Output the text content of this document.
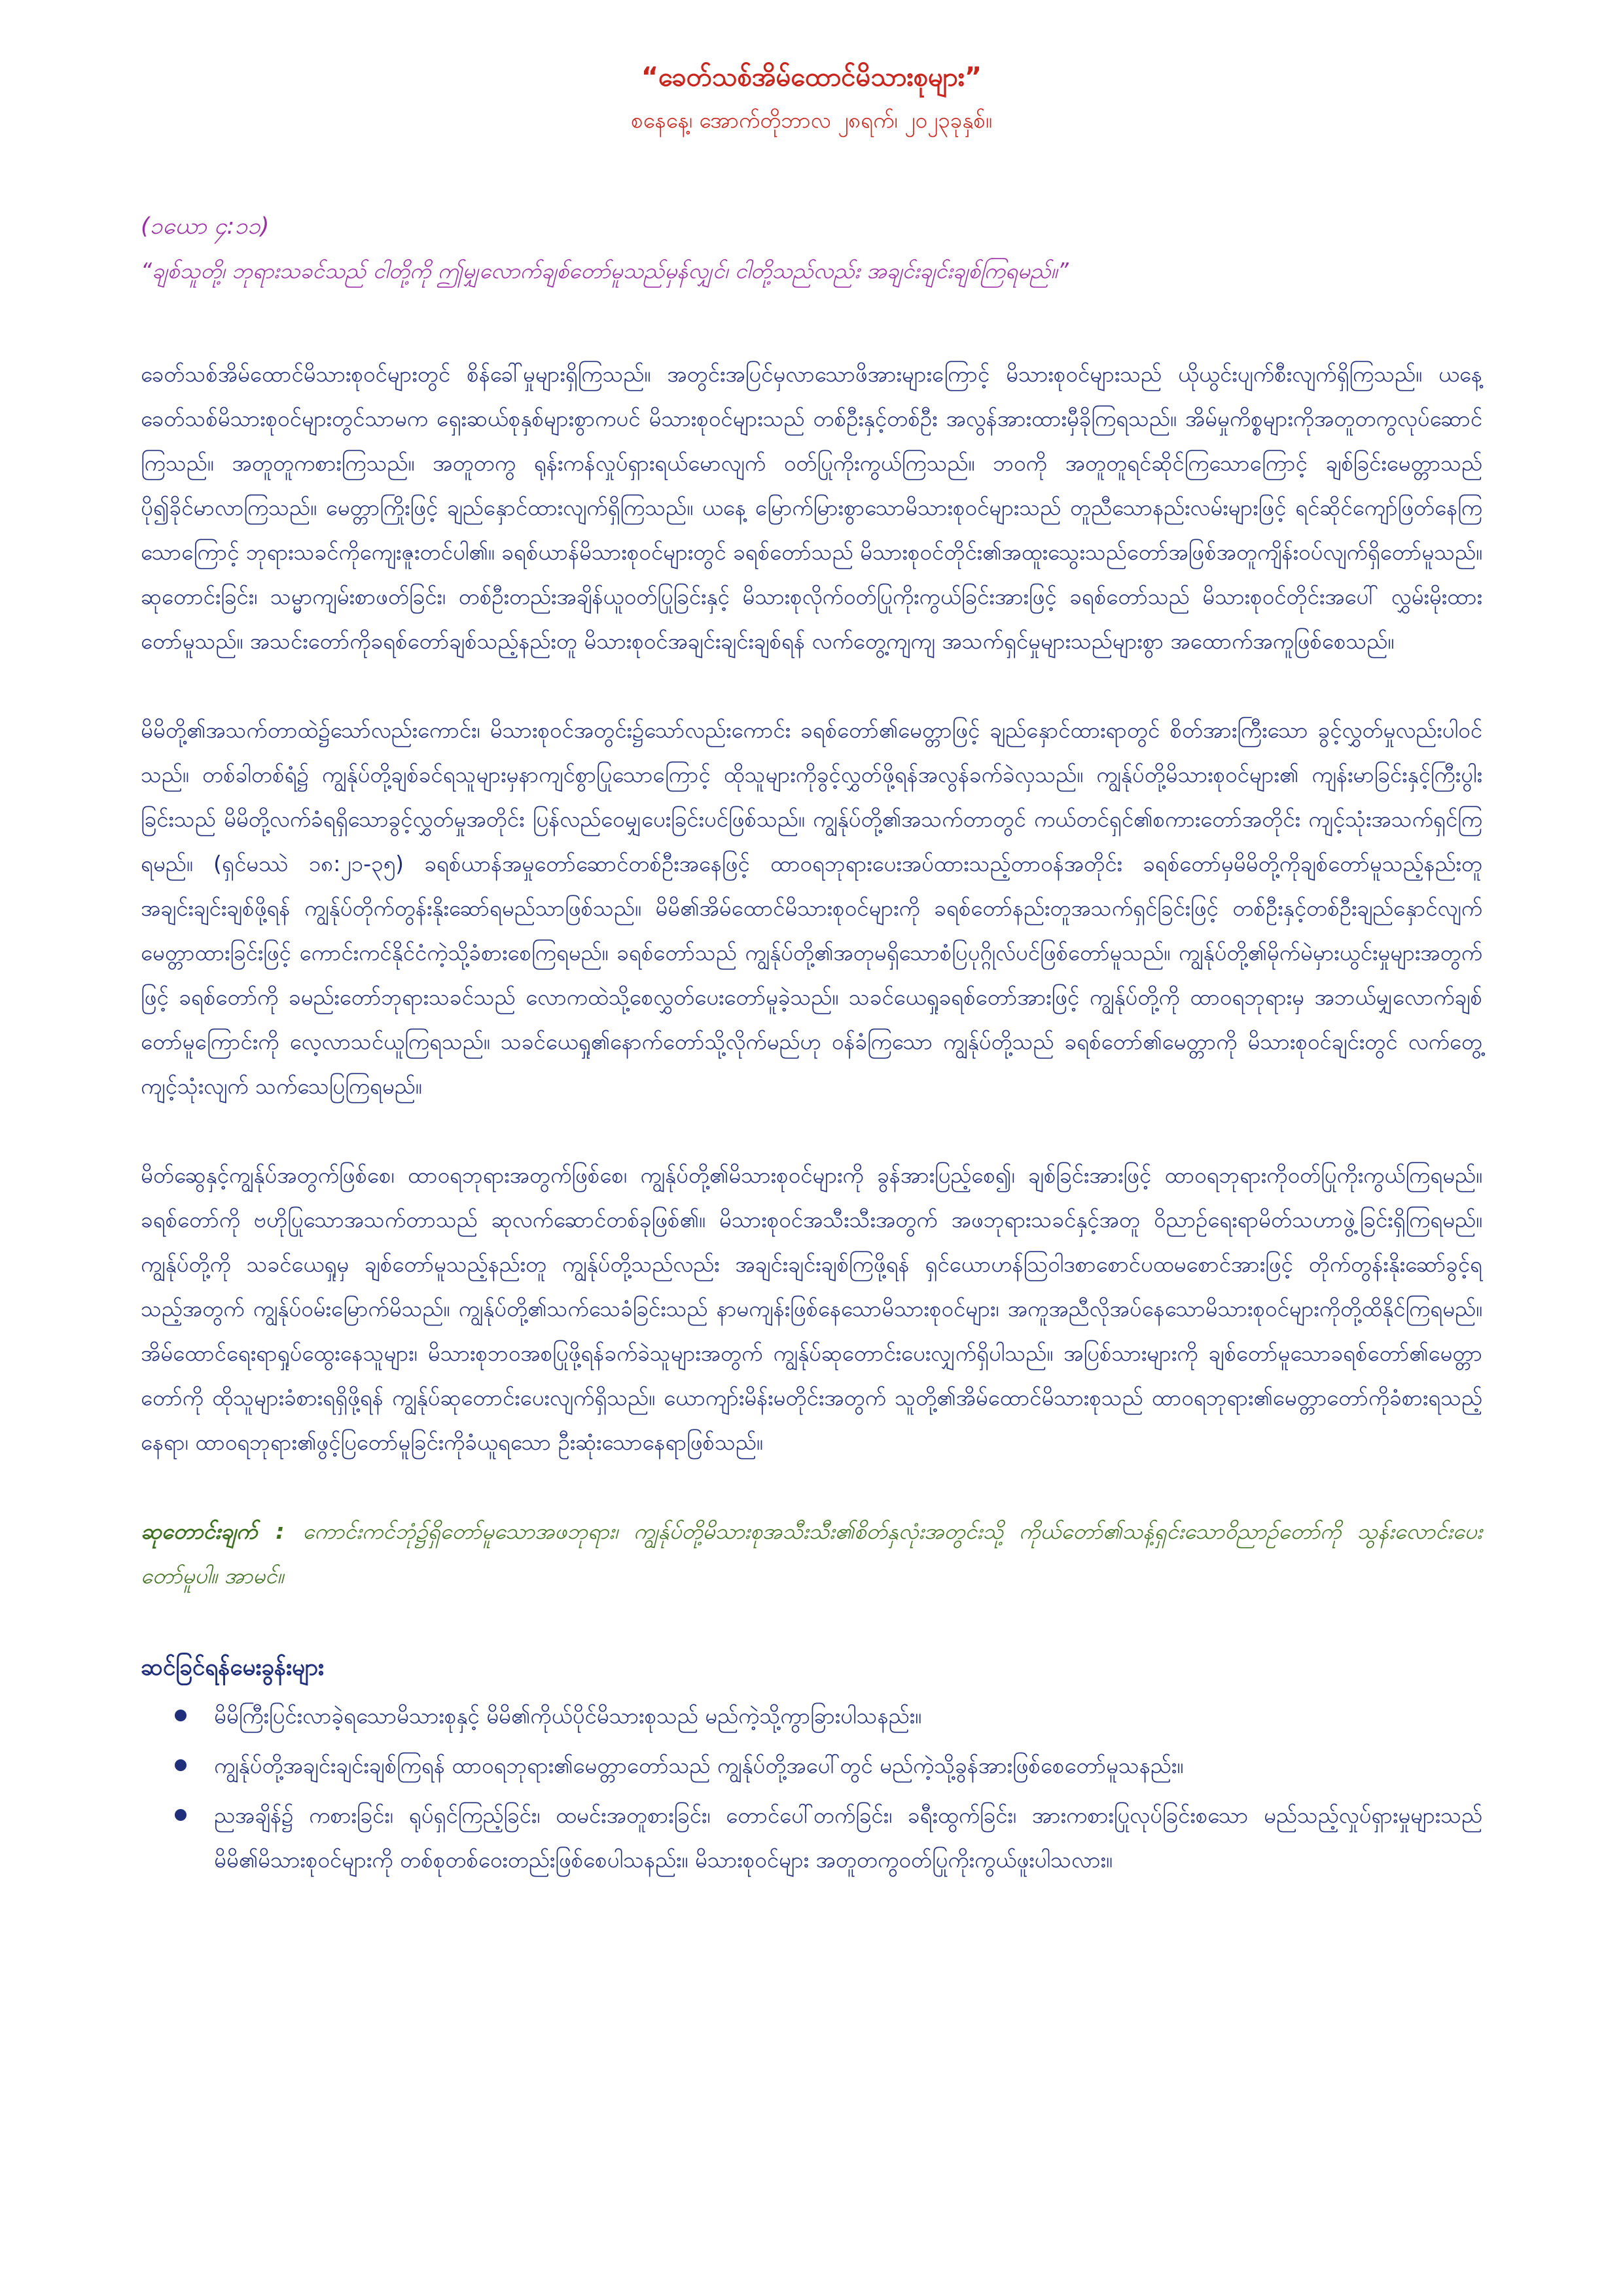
“ခေတ်သစ်အိမ်ထောင်မိသားစုများ”
စနေနေ့၊ အောက်တိုဘာလ ၂၈ရက်၊ ၂၀၂၃ခုနှစ်။
(၁ယော ၄:၁၁)
“ချစ်သူတို့၊ ဘုရားသခင်သည် ငါတို့ကို ဤမျှလောက်ချစ်တော်မူသည်မှန်လျှင်၊ ငါတို့သည်လည်း အချင်းချင်းချစ်ကြရမည်။”

ခေတ်သစ်အိမ်ထောင်မိသားစုဝင်များတွင် စိန်ခေါ်မှုများရှိကြသည်။ အတွင်းအပြင်မှလာသောဖိအားများကြောင့် မိသားစုဝင်များသည် ယိုယွင်းပျက်စီးလျက်ရှိကြသည်။ ယနေ့ခေတ်သစ်မိသားစုဝင်များတွင်သာမက ရှေးဆယ်စုနှစ်များစွာကပင် မိသားစုဝင်များသည် တစ်ဦးနှင့်တစ်ဦး အလွန်အားထားမှီခိုကြရသည်။ အိမ်မှုကိစ္စများကိုအတူတကွလုပ်ဆောင်ကြသည်။ အတူတူကစားကြသည်။ အတူတကွ ရုန်းကန်လှုပ်ရှားရယ်မောလျက် ဝတ်ပြုကိုးကွယ်ကြသည်။ ဘဝကို အတူတူရင်ဆိုင်ကြသောကြောင့် ချစ်ခြင်းမေတ္တာသည် ပို၍ခိုင်မာလာကြသည်။ မေတ္တာကြိုးဖြင့် ချည်နှောင်ထားလျက်ရှိကြသည်။ ယနေ့ မြောက်မြားစွာသောမိသားစုဝင်များသည် တူညီသောနည်းလမ်းများဖြင့် ရင်ဆိုင်ကျော်ဖြတ်နေကြသောကြောင့် ဘုရားသခင်ကိုကျေးဇူးတင်ပါ၏။ ခရစ်ယာန်မိသားစုဝင်များတွင် ခရစ်တော်သည် မိသားစုဝင်တိုင်း၏အထူးသွေးသည်တော်အဖြစ်အတူကျိန်းဝပ်လျက်ရှိတော်မူသည်။ ဆုတောင်းခြင်း၊ သမ္မာကျမ်းစာဖတ်ခြင်း၊ တစ်ဦးတည်းအချိန်ယူဝတ်ပြုခြင်းနှင့် မိသားစုလိုက်ဝတ်ပြုကိုးကွယ်ခြင်းအားဖြင့် ခရစ်တော်သည် မိသားစုဝင်တိုင်းအပေါ် လွှမ်းမိုးထားတော်မူသည်။ အသင်းတော်ကိုခရစ်တော်ချစ်သည့်နည်းတူ မိသားစုဝင်အချင်းချင်းချစ်ရန် လက်တွေ့ကျကျ အသက်ရှင်မှုများသည်များစွာ အထောက်အကူဖြစ်စေသည်။

မိမိတို့၏အသက်တာထဲ၌သော်လည်းကောင်း၊ မိသားစုဝင်အတွင်း၌သော်လည်းကောင်း ခရစ်တော်၏မေတ္တာဖြင့် ချည်နှောင်ထားရာတွင် စိတ်အားကြီးသော ခွင့်လွှတ်မှုလည်းပါဝင်သည်။ တစ်ခါတစ်ရံ၌ ကျွန်ုပ်တို့ချစ်ခင်ရသူများမှနာကျင်စွာပြုသောကြောင့် ထိုသူများကိုခွင့်လွှတ်ဖို့ရန်အလွန်ခက်ခဲလှသည်။ ကျွန်ုပ်တို့မိသားစုဝင်များ၏ ကျန်းမာခြင်းနှင့်ကြီးပွါးခြင်းသည် မိမိတို့လက်ခံရရှိသောခွင့်လွှတ်မှုအတိုင်း ပြန်လည်ဝေမျှပေးခြင်းပင်ဖြစ်သည်။ ကျွန်ုပ်တို့၏အသက်တာတွင် ကယ်တင်ရှင်၏စကားတော်အတိုင်း ကျင့်သုံးအသက်ရှင်ကြရမည်။ (ရှင်မဿဲ ၁၈:၂၁-၃၅) ခရစ်ယာန်အမှုတော်ဆောင်တစ်ဦးအနေဖြင့် ထာဝရဘုရားပေးအပ်ထားသည့်တာဝန်အတိုင်း ခရစ်တော်မှမိမိတို့ကိုချစ်တော်မူသည့်နည်းတူ အချင်းချင်းချစ်ဖို့ရန် ကျွန်ုပ်တိုက်တွန်းနိုးဆော်ရမည်သာဖြစ်သည်။ မိမိ၏အိမ်ထောင်မိသားစုဝင်များကို ခရစ်တော်နည်းတူအသက်ရှင်ခြင်းဖြင့် တစ်ဦးနှင့်တစ်ဦးချည်နှောင်လျက် မေတ္တာထားခြင်းဖြင့် ကောင်းကင်နိုင်ငံကဲ့သို့ခံစားစေကြရမည်။ ခရစ်တော်သည် ကျွန်ုပ်တို့၏အတုမရှိသောစံပြပုဂ္ဂိုလ်ပင်ဖြစ်တော်မူသည်။ ကျွန်ုပ်တို့၏မိုက်မဲမှားယွင်းမှုများအတွက်ဖြင့် ခရစ်တော်ကို ခမည်းတော်ဘုရားသခင်သည် လောကထဲသို့စေလွှတ်ပေးတော်မူခဲ့သည်။ သခင်ယေရှုခရစ်တော်အားဖြင့် ကျွန်ုပ်တို့ကို ထာဝရဘုရားမှ အဘယ်မျှလောက်ချစ်တော်မူကြောင်းကို လေ့လာသင်ယူကြရသည်။ သခင်ယေရှု၏နောက်တော်သို့လိုက်မည်ဟု ဝန်ခံကြသော ကျွန်ုပ်တို့သည် ခရစ်တော်၏မေတ္တာကို မိသားစုဝင်ချင်းတွင် လက်တွေ့ကျင့်သုံးလျက် သက်သေပြကြရမည်။

မိတ်ဆွေနှင့်ကျွန်ုပ်အတွက်ဖြစ်စေ၊ ထာဝရဘုရားအတွက်ဖြစ်စေ၊ ကျွန်ုပ်တို့၏မိသားစုဝင်များကို ခွန်အားပြည့်စေ၍၊ ချစ်ခြင်းအားဖြင့် ထာဝရဘုရားကိုဝတ်ပြုကိုးကွယ်ကြရမည်။ ခရစ်တော်ကို ဗဟိုပြုသောအသက်တာသည် ဆုလက်ဆောင်တစ်ခုဖြစ်၏။ မိသားစုဝင်အသီးသီးအတွက် အဖဘုရားသခင်နှင့်အတူ ဝိညာဉ်ရေးရာမိတ်သဟာဖွဲ့ခြင်းရှိကြရမည်။ ကျွန်ုပ်တို့ကို သခင်ယေရှုမှ ချစ်တော်မူသည့်နည်းတူ ကျွန်ုပ်တို့သည်လည်း အချင်းချင်းချစ်ကြဖို့ရန် ရှင်ယောဟန်သြဝါဒစာစောင်ပထမစောင်အားဖြင့် တိုက်တွန်းနိုးဆော်ခွင့်ရသည့်အတွက် ကျွန်ုပ်ဝမ်းမြောက်မိသည်။ ကျွန်ုပ်တို့၏သက်သေခံခြင်းသည် နာမကျန်းဖြစ်နေသောမိသားစုဝင်များ၊ အကူအညီလိုအပ်နေသောမိသားစုဝင်များကိုတို့ထိနိုင်ကြရမည်။ အိမ်ထောင်ရေးရာရှုပ်ထွေးနေသူများ၊ မိသားစုဘဝအစပြုဖို့ရန်ခက်ခဲသူများအတွက် ကျွန်ုပ်ဆုတောင်းပေးလျှက်ရှိပါသည်။ အပြစ်သားများကို ချစ်တော်မူသောခရစ်တော်၏မေတ္တာတော်ကို ထိုသူများခံစားရရှိဖို့ရန် ကျွန်ုပ်ဆုတောင်းပေးလျက်ရှိသည်။ ယောကျာ်းမိန်းမတိုင်းအတွက် သူတို့၏အိမ်ထောင်မိသားစုသည် ထာဝရဘုရား၏မေတ္တာတော်ကိုခံစားရသည့်နေရာ၊ ထာဝရဘုရား၏ဖွင့်ပြတော်မူခြင်းကိုခံယူရသော ဦးဆုံးသောနေရာဖြစ်သည်။

ဆုတောင်းချက် : ကောင်းကင်ဘုံ၌ရှိတော်မူသောအဖဘုရား၊ ကျွန်ုပ်တို့မိသားစုအသီးသီး၏စိတ်နှလုံးအတွင်းသို့ ကိုယ်တော်၏သန့်ရှင်းသောဝိညာဉ်တော်ကို သွန်းလောင်းပေးတော်မူပါ။ အာမင်။

ဆင်ခြင်ရန်မေးခွန်းများ
မိမိကြီးပြင်းလာခဲ့ရသောမိသားစုနှင့် မိမိ၏ကိုယ်ပိုင်မိသားစုသည် မည်ကဲ့သို့ကွာခြားပါသနည်း။
ကျွန်ုပ်တို့အချင်းချင်းချစ်ကြရန် ထာဝရဘုရား၏မေတ္တာတော်သည် ကျွန်ုပ်တို့အပေါ်တွင် မည်ကဲ့သို့ခွန်အားဖြစ်စေတော်မူသနည်း။
ညအချိန်၌ ကစားခြင်း၊ ရုပ်ရှင်ကြည့်ခြင်း၊ ထမင်းအတူစားခြင်း၊ တောင်ပေါ်တက်ခြင်း၊ ခရီးထွက်ခြင်း၊ အားကစားပြုလုပ်ခြင်းစသော မည်သည့်လှုပ်ရှားမှုများသည် မိမိ၏မိသားစုဝင်များကို တစ်စုတစ်ဝေးတည်းဖြစ်စေပါသနည်း။ မိသားစုဝင်များ အတူတကွဝတ်ပြုကိုးကွယ်ဖူးပါသလား။
